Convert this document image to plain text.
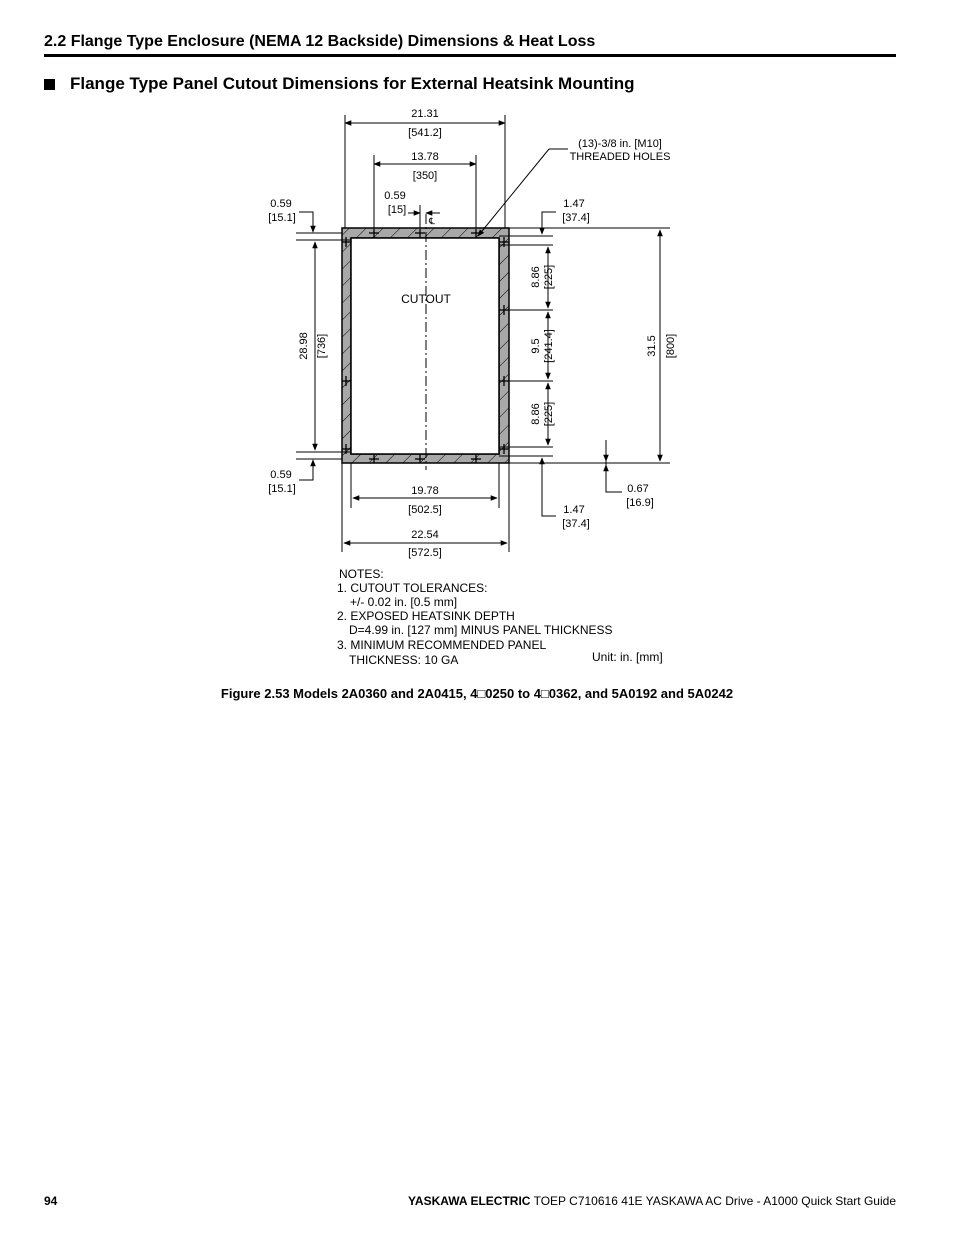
2.2 Flange Type Enclosure (NEMA 12 Backside) Dimensions & Heat Loss
Flange Type Panel Cutout Dimensions for External Heatsink Mounting
℄
21.31
[541.2]
13.78
[350]
0.59
[15]
(13)-3/8 in. [M10]
THREADED HOLES
0.59
[15.1]
0.59
[15.1]
28.98 [736]
1.47
[37.4]
1.47
[37.4]
8.86 [225]
9.5 [241.4]
8.86 [225]
31.5 [800]
0.67
[16.9]
19.78
[502.5]
22.54
[572.5]
CUTOUT
NOTES:
1. CUTOUT TOLERANCES:
+/- 0.02 in. [0.5 mm]
2. EXPOSED HEATSINK DEPTH
D=4.99 in. [127 mm] MINUS PANEL THICKNESS
3. MINIMUM RECOMMENDED PANEL
THICKNESS: 10 GA	Unit: in. [mm]
Figure 2.53 Models 2A0360 and 2A0415, 4□0250 to 4□0362, and 5A0192 and 5A0242
94	YASKAWA ELECTRIC TOEP C710616 41E YASKAWA AC Drive - A1000 Quick Start Guide
